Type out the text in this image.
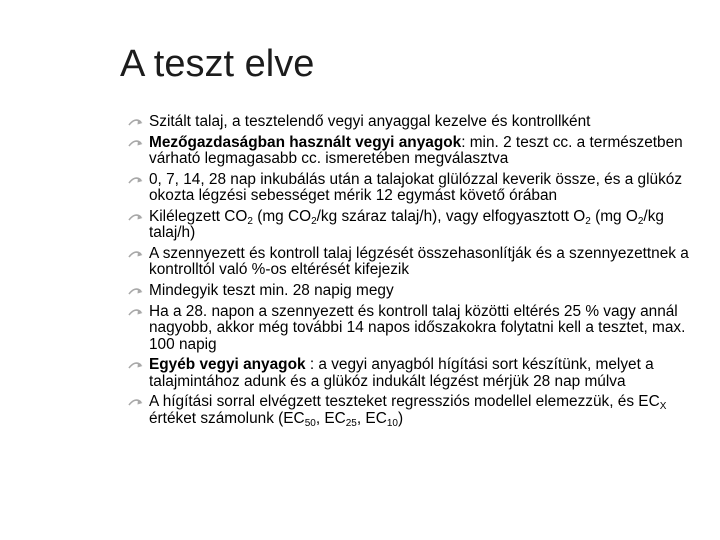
A teszt elve
Szitált talaj, a tesztelendő vegyi anyaggal kezelve és kontrollként
Mezőgazdaságban használt vegyi anyagok: min. 2 teszt cc. a természetben várható legmagasabb cc. ismeretében megválasztva
0, 7, 14, 28 nap inkubálás után a talajokat glülózzal keverik össze, és a glükóz okozta légzési sebességet mérik 12 egymást követő órában
Kilélegzett $CO_2$ (mg $CO_2/kg$ száraz talaj/h), vagy elfogyasztott $O_2$ (mg $O_2/kg$ talaj/h)
A szennyezett és kontroll talaj légzését összehasonlítják és a szennyezettnek a kontrolltól való %-os eltérését kifejezik
Mindegyik teszt min. 28 napig megy
Ha a 28. napon a szennyezett és kontroll talaj közötti eltérés 25 % vagy annál nagyobb, akkor még további 14 napos időszakokra folytatni kell a tesztet, max. 100 napig
Egyéb vegyi anyagok : a vegyi anyagból hígítási sort készítünk, melyet a talajmintához adunk és a glükóz indukált légzést mérjük 28 nap múlva
A hígítási sorral elvégzett teszteket regressziós modellel elemezzük, és $EC_X$ értéket számolunk ($EC_{50}$, $EC_{25}$, $EC_{10}$)
